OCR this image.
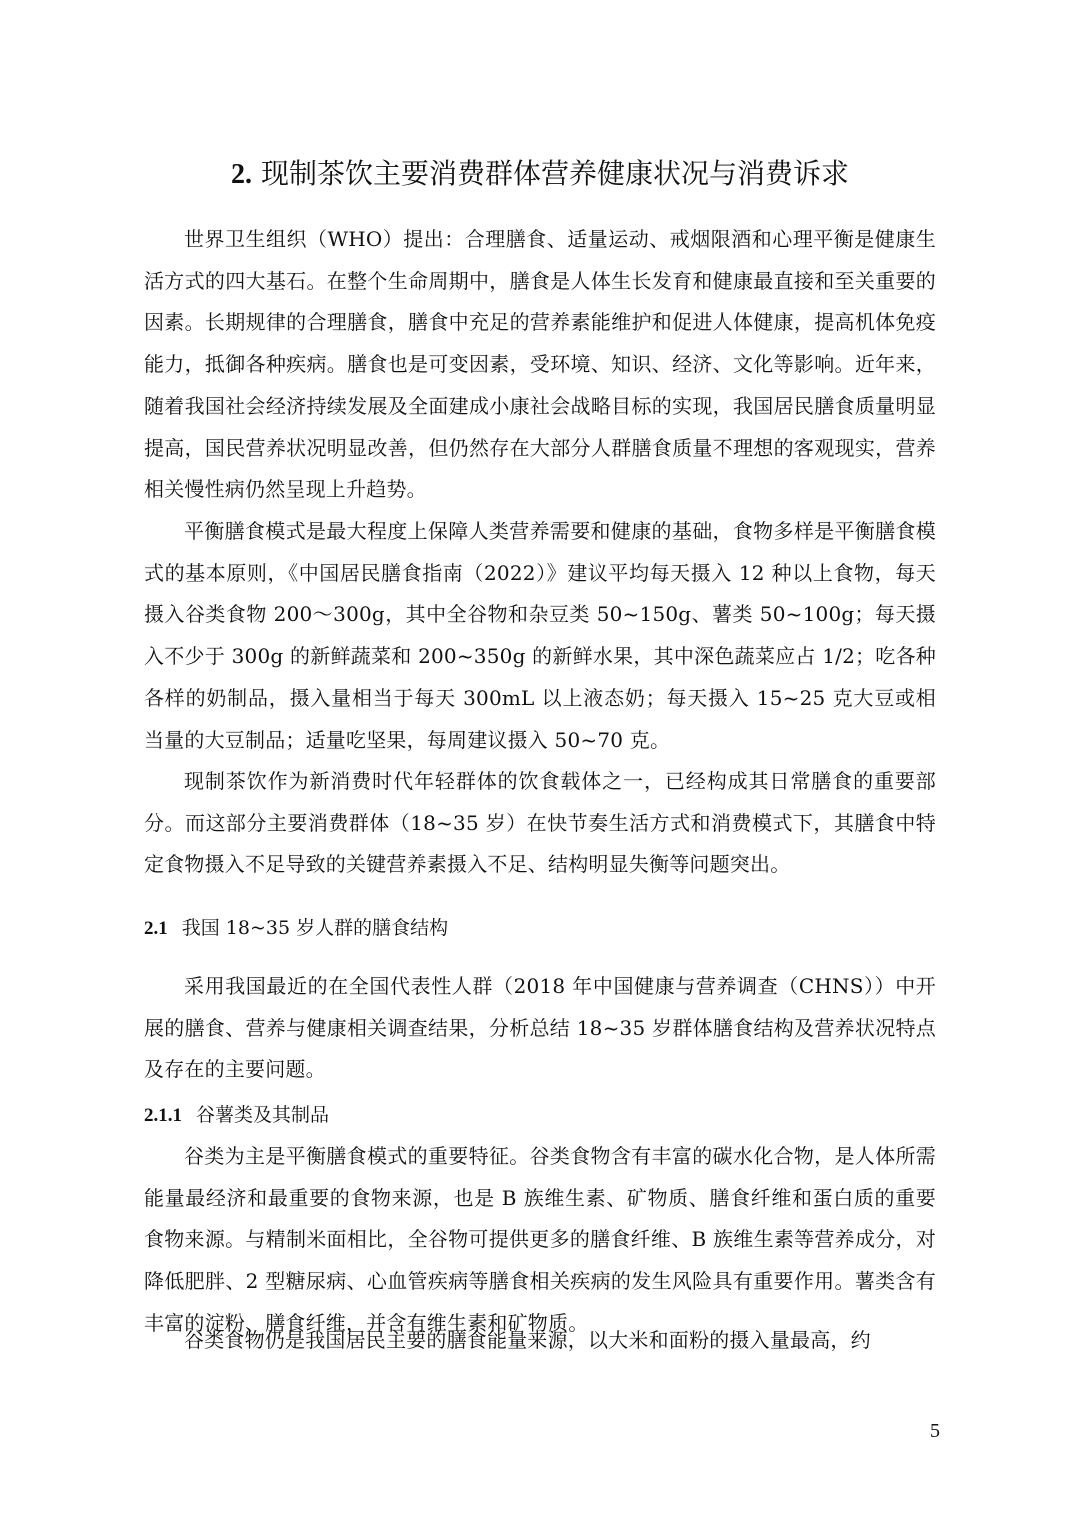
2. 现制茶饮主要消费群体营养健康状况与消费诉求

世界卫生组织（WHO）提出：合理膳食、适量运动、戒烟限酒和心理平衡是健康生活方式的四大基石。在整个生命周期中，膳食是人体生长发育和健康最直接和至关重要的因素。长期规律的合理膳食，膳食中充足的营养素能维护和促进人体健康，提高机体免疫能力，抵御各种疾病。膳食也是可变因素，受环境、知识、经济、文化等影响。近年来，随着我国社会经济持续发展及全面建成小康社会战略目标的实现，我国居民膳食质量明显提高，国民营养状况明显改善，但仍然存在大部分人群膳食质量不理想的客观现实，营养相关慢性病仍然呈现上升趋势。

平衡膳食模式是最大程度上保障人类营养需要和健康的基础，食物多样是平衡膳食模式的基本原则，《中国居民膳食指南（2022）》建议平均每天摄入 12 种以上食物，每天摄入谷类食物 200～300g，其中全谷物和杂豆类 50~150g、薯类 50~100g；每天摄入不少于 300g 的新鲜蔬菜和 200~350g 的新鲜水果，其中深色蔬菜应占 1/2；吃各种各样的奶制品，摄入量相当于每天 300mL 以上液态奶；每天摄入 15~25 克大豆或相当量的大豆制品；适量吃坚果，每周建议摄入 50~70 克。

现制茶饮作为新消费时代年轻群体的饮食载体之一，已经构成其日常膳食的重要部分。而这部分主要消费群体（18~35 岁）在快节奏生活方式和消费模式下，其膳食中特定食物摄入不足导致的关键营养素摄入不足、结构明显失衡等问题突出。

2.1 我国 18~35 岁人群的膳食结构

采用我国最近的在全国代表性人群（2018 年中国健康与营养调查（CHNS））中开展的膳食、营养与健康相关调查结果，分析总结 18~35 岁群体膳食结构及营养状况特点及存在的主要问题。

2.1.1 谷薯类及其制品

谷类为主是平衡膳食模式的重要特征。谷类食物含有丰富的碳水化合物，是人体所需能量最经济和最重要的食物来源，也是 B 族维生素、矿物质、膳食纤维和蛋白质的重要食物来源。与精制米面相比，全谷物可提供更多的膳食纤维、B 族维生素等营养成分，对降低肥胖、2 型糖尿病、心血管疾病等膳食相关疾病的发生风险具有重要作用。薯类含有丰富的淀粉、膳食纤维，并含有维生素和矿物质。

谷类食物仍是我国居民主要的膳食能量来源，以大米和面粉的摄入量最高，约

5
